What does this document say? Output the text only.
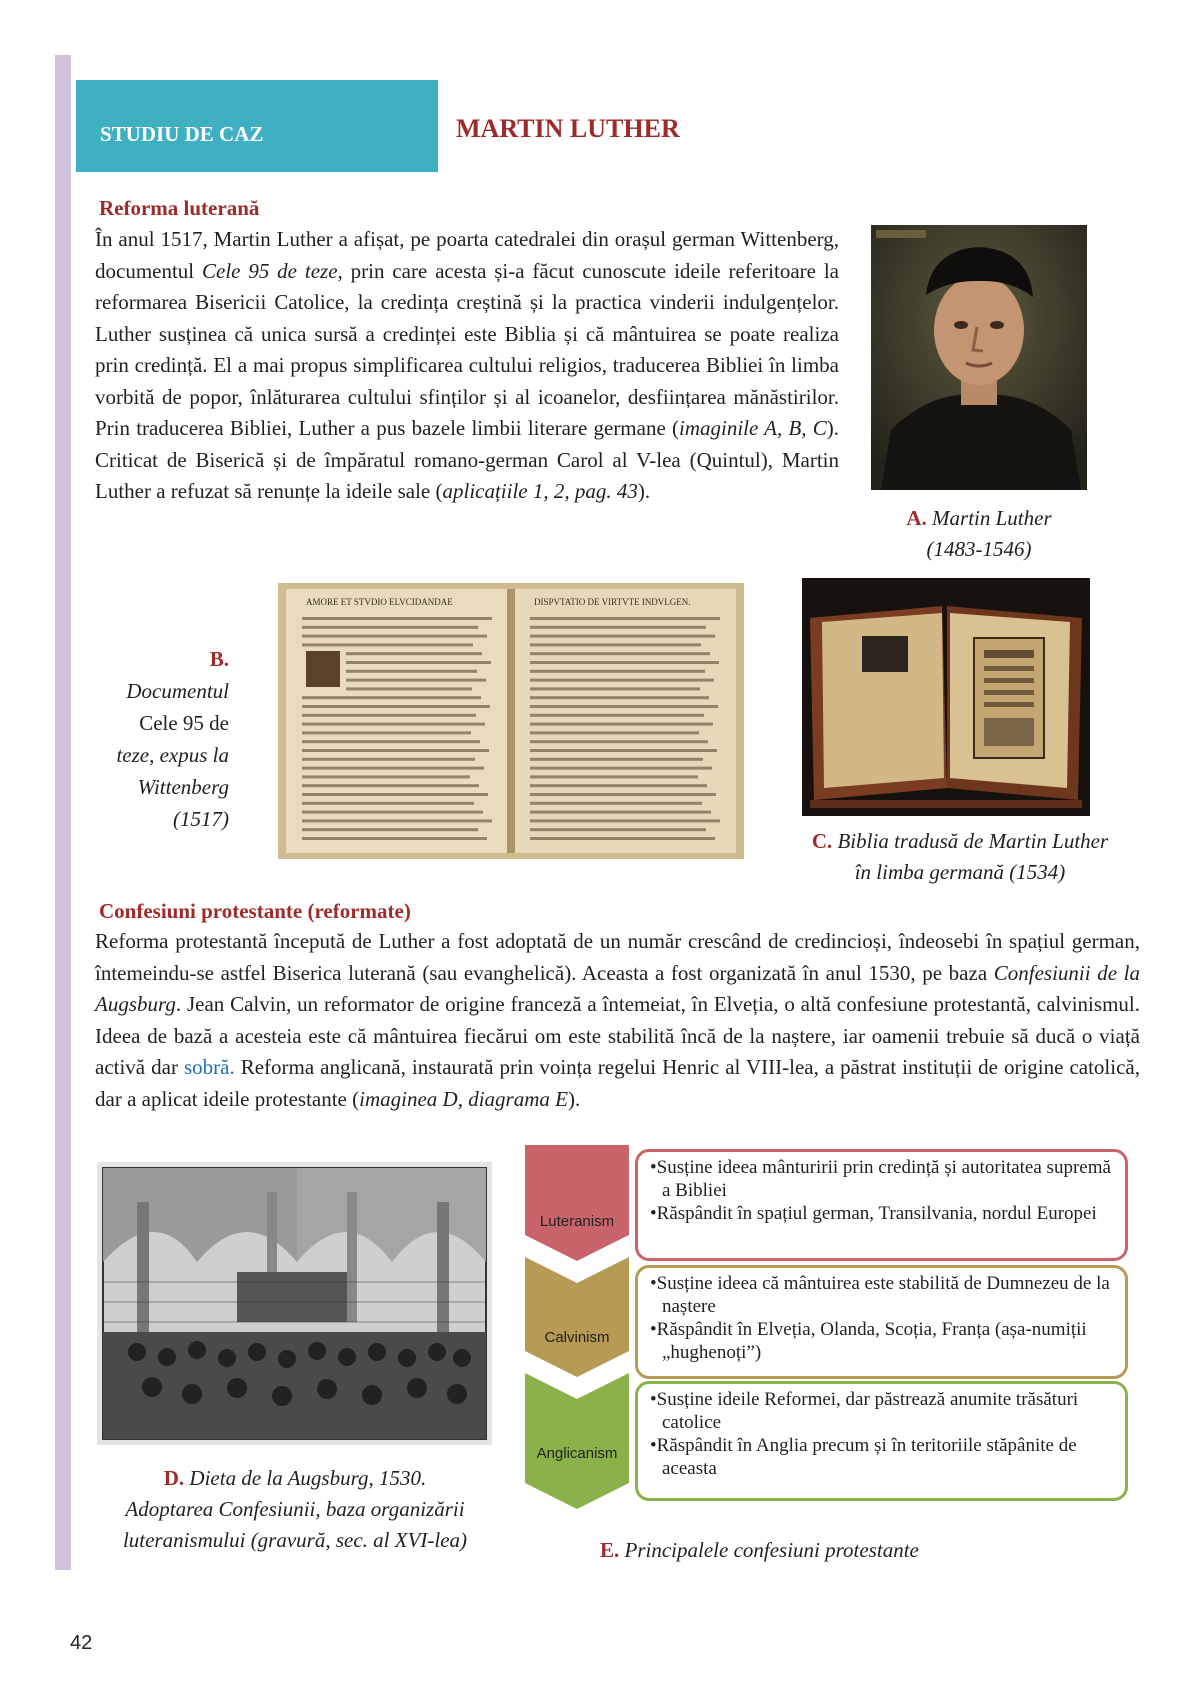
STUDIU DE CAZ	MARTIN LUTHER
Reforma luterană
În anul 1517, Martin Luther a afișat, pe poarta catedralei din orașul german Wittenberg, documentul Cele 95 de teze, prin care acesta și-a făcut cunoscute ideile referitoare la reformarea Bisericii Catolice, la credința creștină și la practica vinderii indulgențelor. Luther susținea că unica sursă a credinței este Biblia și că mântuirea se poate realiza prin credință. El a mai propus simplificarea cultului religios, traducerea Bibliei în limba vorbită de popor, înlăturarea cultului sfinților și al icoanelor, desființarea mănăstirilor. Prin traducerea Bibliei, Luther a pus bazele limbii literare germane (imaginile A, B, C). Criticat de Biserică și de împăratul romano-german Carol al V-lea (Quintul), Martin Luther a refuzat să renunțe la ideile sale (aplicațiile 1, 2, pag. 43).
A. Martin Luther
(1483-1546)
B.
Documentul
Cele 95 de
teze, expus la
Wittenberg
(1517)
AMORE ET STVDIO ELVCIDANDAE	DISPVTATIO DE VIRTVTE INDVLGEN.
C. Biblia tradusă de Martin Luther
în limba germană (1534)
Confesiuni protestante (reformate)
Reforma protestantă începută de Luther a fost adoptată de un număr crescând de credincioși, îndeosebi în spațiul german, întemeindu-se astfel Biserica luterană (sau evanghelică). Aceasta a fost organizată în anul 1530, pe baza Confesiunii de la Augsburg. Jean Calvin, un reformator de origine franceză a întemeiat, în Elveția, o altă confesiune protestantă, calvinismul. Ideea de bază a acesteia este că mântuirea fiecărui om este stabilită încă de la naștere, iar oamenii trebuie să ducă o viață activă dar sobră. Reforma anglicană, instaurată prin voința regelui Henric al VIII-lea, a păstrat instituții de origine catolică, dar a aplicat ideile protestante (imaginea D, diagrama E).
D. Dieta de la Augsburg, 1530.
Adoptarea Confesiunii, baza organizării
luteranismului (gravură, sec. al XVI-lea)
Luteranism
Calvinism
Anglicanism
•Susține ideea mânturirii prin credință și autoritatea supremă a Bibliei
•Răspândit în spațiul german, Transilvania, nordul Europei
•Susține ideea că mântuirea este stabilită de Dumnezeu de la naștere
•Răspândit în Elveția, Olanda, Scoția, Franța (așa-numiții „hughenoți”)
•Susține ideile Reformei, dar păstrează anumite trăsături catolice
•Răspândit în Anglia precum și în teritoriile stăpânite de aceasta
E. Principalele confesiuni protestante
42
